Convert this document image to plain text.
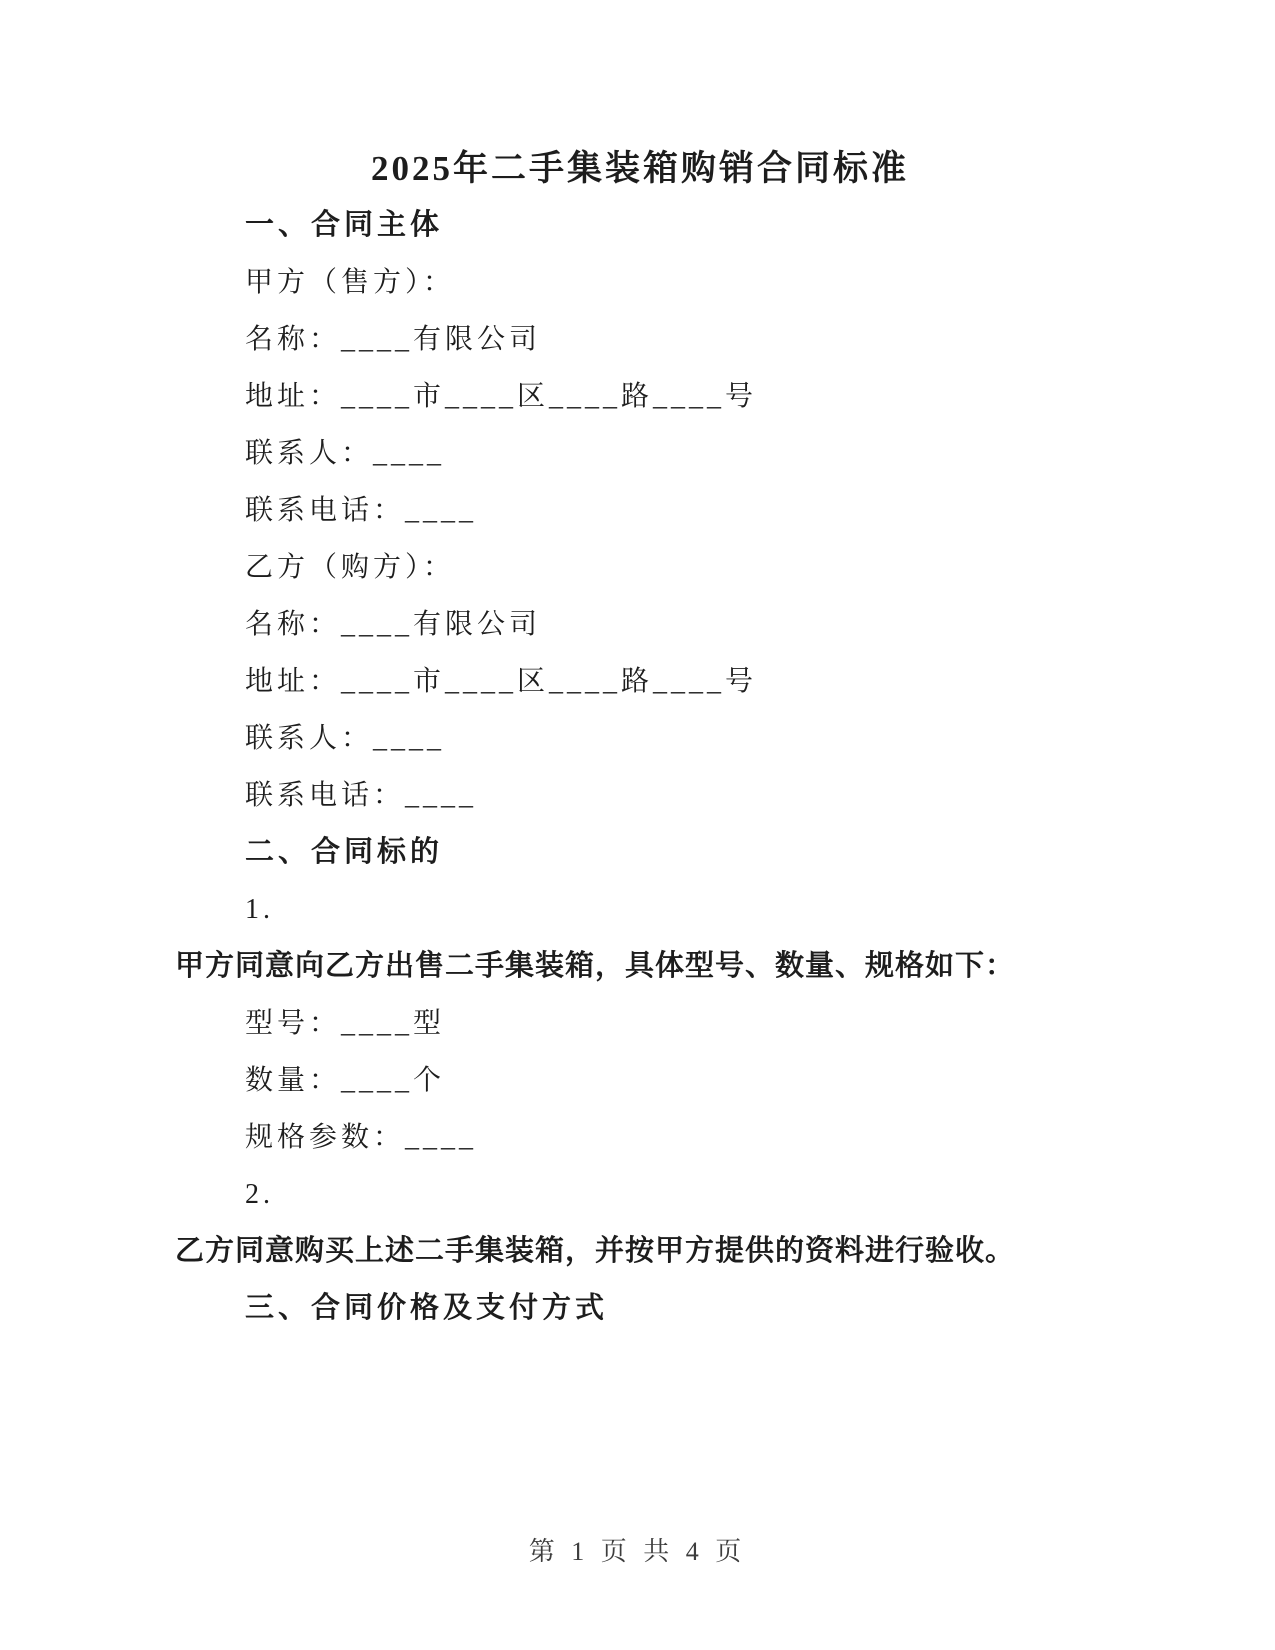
2025年二手集装箱购销合同标准
一、合同主体
甲方（售方）：
名称：____有限公司
地址：____市____区____路____号
联系人：____
联系电话：____
乙方（购方）：
名称：____有限公司
地址：____市____区____路____号
联系人：____
联系电话：____
二、合同标的
1.
甲方同意向乙方出售二手集装箱，具体型号、数量、规格如下：
型号：____型
数量：____个
规格参数：____
2.
乙方同意购买上述二手集装箱，并按甲方提供的资料进行验收。
三、合同价格及支付方式
第 1 页 共 4 页
